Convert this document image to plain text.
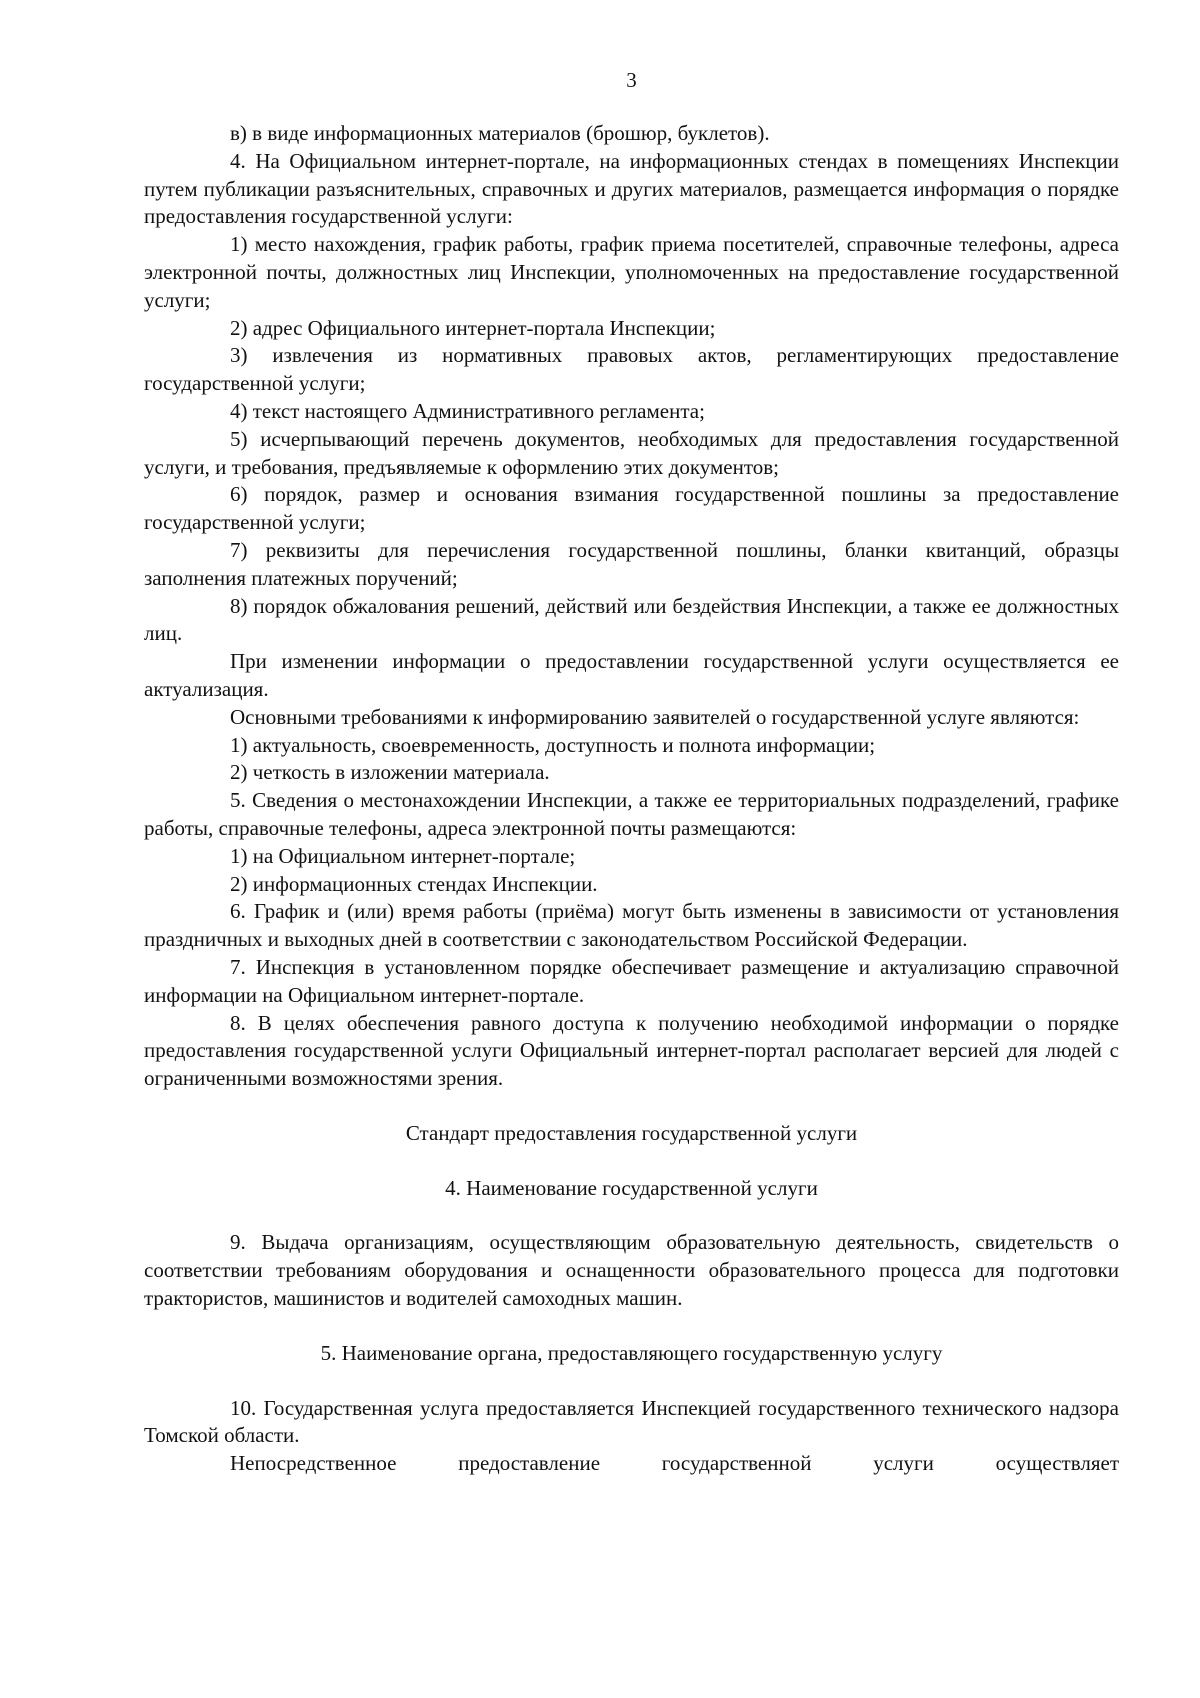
3

в) в виде информационных материалов (брошюр, буклетов).

4. На Официальном интернет-портале, на информационных стендах в помещениях Инспекции путем публикации разъяснительных, справочных и других материалов, размещается информация о порядке предоставления государственной услуги:

1) место нахождения, график работы, график приема посетителей, справочные телефоны, адреса электронной почты, должностных лиц Инспекции, уполномоченных на предоставление государственной услуги;

2) адрес Официального интернет-портала Инспекции;

3) извлечения из нормативных правовых актов, регламентирующих предоставление государственной услуги;

4) текст настоящего Административного регламента;

5) исчерпывающий перечень документов, необходимых для предоставления государственной услуги, и требования, предъявляемые к оформлению этих документов;

6) порядок, размер и основания взимания государственной пошлины за предоставление государственной услуги;

7) реквизиты для перечисления государственной пошлины, бланки квитанций, образцы заполнения платежных поручений;

8) порядок обжалования решений, действий или бездействия Инспекции, а также ее должностных лиц.

При изменении информации о предоставлении государственной услуги осуществляется ее актуализация.

Основными требованиями к информированию заявителей о государственной услуге являются:

1) актуальность, своевременность, доступность и полнота информации;

2) четкость в изложении материала.

5. Сведения о местонахождении Инспекции, а также ее территориальных подразделений, графике работы, справочные телефоны, адреса электронной почты размещаются:

1) на Официальном интернет-портале;

2) информационных стендах Инспекции.

6. График и (или) время работы (приёма) могут быть изменены в зависимости от установления праздничных и выходных дней в соответствии с законодательством Российской Федерации.

7. Инспекция в установленном порядке обеспечивает размещение и актуализацию справочной информации на Официальном интернет-портале.

8. В целях обеспечения равного доступа к получению необходимой информации о порядке предоставления государственной услуги Официальный интернет-портал располагает версией для людей с ограниченными возможностями зрения.

Стандарт предоставления государственной услуги

4. Наименование государственной услуги

9. Выдача организациям, осуществляющим образовательную деятельность, свидетельств о соответствии требованиям оборудования и оснащенности образовательного процесса для подготовки трактористов, машинистов и водителей самоходных машин.

5. Наименование органа, предоставляющего государственную услугу

10. Государственная услуга предоставляется Инспекцией государственного технического надзора Томской области.

Непосредственное предоставление государственной услуги осуществляет
